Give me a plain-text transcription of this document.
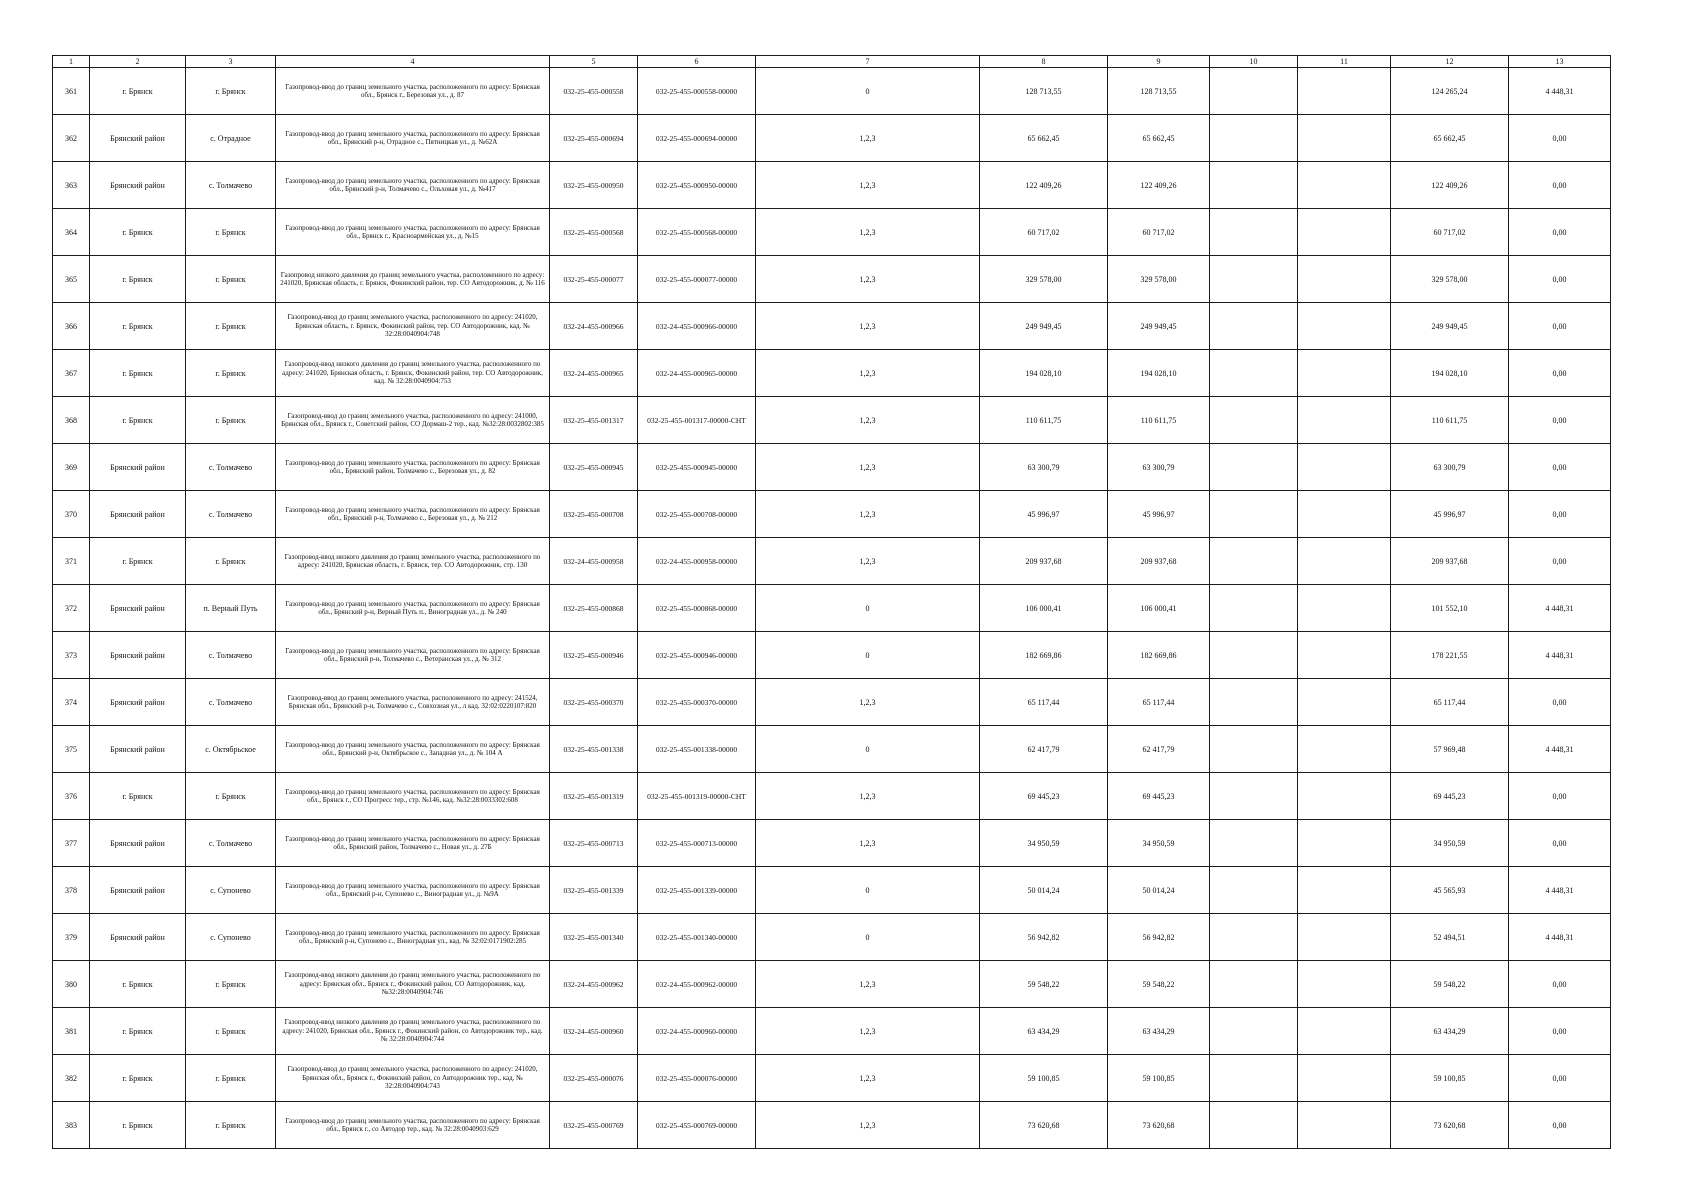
1	2	3	4	5	6	7	8	9	10	11	12	13
361	г. Брянск	г. Брянск	Газопровод-ввод до границ земельного участка, расположенного по адресу: Брянская обл., Брянск г., Березовая ул., д. 87	032-25-455-000558	032-25-455-000558-00000	0	128 713,55	128 713,55			124 265,24	4 448,31
362	Брянский район	с. Отрадное	Газопровод-ввод до границ земельного участка, расположенного по адресу: Брянская обл., Брянский р-н, Отрадное с., Пятницкая ул., д. №62А	032-25-455-000694	032-25-455-000694-00000	1,2,3	65 662,45	65 662,45			65 662,45	0,00
363	Брянский район	с. Толмачево	Газопровод-ввод до границ земельного участка, расположенного по адресу: Брянская обл., Брянский р-н, Толмачево с., Ольховая ул., д. №417	032-25-455-000950	032-25-455-000950-00000	1,2,3	122 409,26	122 409,26			122 409,26	0,00
364	г. Брянск	г. Брянск	Газопровод-ввод до границ земельного участка, расположенного по адресу: Брянская обл., Брянск г., Красноармейская ул., д. №15	032-25-455-000568	032-25-455-000568-00000	1,2,3	60 717,02	60 717,02			60 717,02	0,00
365	г. Брянск	г. Брянск	Газопровод низкого давления до границ земельного участка, расположенного по адресу: 241020, Брянская область, г. Брянск, Фокинский район, тер. СО Автодорожник, д. № 116	032-25-455-000077	032-25-455-000077-00000	1,2,3	329 578,00	329 578,00			329 578,00	0,00
366	г. Брянск	г. Брянск	Газопровод-ввод до границ земельного участка, расположенного по адресу: 241020, Брянская область, г. Брянск, Фокинский район, тер. СО Автодорожник, кад. № 32:28:0040904:748	032-24-455-000966	032-24-455-000966-00000	1,2,3	249 949,45	249 949,45			249 949,45	0,00
367	г. Брянск	г. Брянск	Газопровод-ввод низкого давления до границ земельного участка, расположенного по адресу: 241020, Брянская область, г. Брянск, Фокинский район, тер. СО Автодорожник, кад. № 32:28:0040904:753	032-24-455-000965	032-24-455-000965-00000	1,2,3	194 028,10	194 028,10			194 028,10	0,00
368	г. Брянск	г. Брянск	Газопровод-ввод до границ земельного участка, расположенного по адресу: 241000, Брянская обл., Брянск г., Советский район, СО Дормаш-2 тер., кад. №32:28:0032802:385	032-25-455-001317	032-25-455-001317-00000-СНТ	1,2,3	110 611,75	110 611,75			110 611,75	0,00
369	Брянский район	с. Толмачево	Газопровод-ввод до границ земельного участка, расположенного по адресу: Брянская обл., Брянский район, Толмачево с., Березовая ул., д. 82	032-25-455-000945	032-25-455-000945-00000	1,2,3	63 300,79	63 300,79			63 300,79	0,00
370	Брянский район	с. Толмачево	Газопровод-ввод до границ земельного участка, расположенного по адресу: Брянская обл., Брянский р-н, Толмачево с., Березовая ул., д. № 212	032-25-455-000708	032-25-455-000708-00000	1,2,3	45 996,97	45 996,97			45 996,97	0,00
371	г. Брянск	г. Брянск	Газопровод-ввод низкого давления до границ земельного участка, расположенного по адресу: 241020, Брянская область, г. Брянск, тер. СО Автодорожник, стр. 130	032-24-455-000958	032-24-455-000958-00000	1,2,3	209 937,68	209 937,68			209 937,68	0,00
372	Брянский район	п. Верный Путь	Газопровод-ввод до границ земельного участка, расположенного по адресу: Брянская обл., Брянский р-н, Верный Путь п., Виноградная ул., д. № 240	032-25-455-000868	032-25-455-000868-00000	0	106 000,41	106 000,41			101 552,10	4 448,31
373	Брянский район	с. Толмачево	Газопровод-ввод до границ земельного участка, расположенного по адресу: Брянская обл., Брянский р-н, Толмачево с., Ветеранская ул., д. № 312	032-25-455-000946	032-25-455-000946-00000	0	182 669,86	182 669,86			178 221,55	4 448,31
374	Брянский район	с. Толмачево	Газопровод-ввод до границ земельного участка, расположенного по адресу: 241524, Брянская обл., Брянский р-н, Толмачево с., Совхозная ул., л кад. 32:02:0220107:820	032-25-455-000370	032-25-455-000370-00000	1,2,3	65 117,44	65 117,44			65 117,44	0,00
375	Брянский район	с. Октябрьское	Газопровод-ввод до границ земельного участка, расположенного по адресу: Брянская обл., Брянский р-н, Октябрьское с., Западная ул., д. № 104 А	032-25-455-001338	032-25-455-001338-00000	0	62 417,79	62 417,79			57 969,48	4 448,31
376	г. Брянск	г. Брянск	Газопровод-ввод до границ земельного участка, расположенного по адресу: Брянская обл., Брянск г., СО Прогресс тер., стр. №146, кад. №32:28:0033302:608	032-25-455-001319	032-25-455-001319-00000-СНТ	1,2,3	69 445,23	69 445,23			69 445,23	0,00
377	Брянский район	с. Толмачево	Газопровод-ввод до границ земельного участка, расположенного по адресу: Брянская обл., Брянский район, Толмачево с., Новая ул., д. 27Б	032-25-455-000713	032-25-455-000713-00000	1,2,3	34 950,59	34 950,59			34 950,59	0,00
378	Брянский район	с. Супонево	Газопровод-ввод до границ земельного участка, расположенного по адресу: Брянская обл., Брянский р-н, Супонево с., Виноградная ул., д. №9А	032-25-455-001339	032-25-455-001339-00000	0	50 014,24	50 014,24			45 565,93	4 448,31
379	Брянский район	с. Супонево	Газопровод-ввод до границ земельного участка, расположенного по адресу: Брянская обл., Брянский р-н, Супонево с., Виноградная ул., кад. № 32:02:0171902:285	032-25-455-001340	032-25-455-001340-00000	0	56 942,82	56 942,82			52 494,51	4 448,31
380	г. Брянск	г. Брянск	Газопровод-ввод низкого давления до границ земельного участка, расположенного по адресу: Брянская обл., Брянск г., Фокинский район, СО Автодорожник, кад. №32:28:0040904:746	032-24-455-000962	032-24-455-000962-00000	1,2,3	59 548,22	59 548,22			59 548,22	0,00
381	г. Брянск	г. Брянск	Газопровод-ввод низкого давления до границ земельного участка, расположенного по адресу: 241020, Брянская обл., Брянск г., Фокинский район, со Автодорожник тер., кад. № 32:28:0040904:744	032-24-455-000960	032-24-455-000960-00000	1,2,3	63 434,29	63 434,29			63 434,29	0,00
382	г. Брянск	г. Брянск	Газопровод-ввод до границ земельного участка, расположенного по адресу: 241020, Брянская обл., Брянск г., Фокинский район, со Автодорожник тер., кад. № 32:28:0040904:743	032-25-455-000076	032-25-455-000076-00000	1,2,3	59 100,85	59 100,85			59 100,85	0,00
383	г. Брянск	г. Брянск	Газопровод-ввод до границ земельного участка, расположенного по адресу: Брянская обл., Брянск г., со Автодор тер., кад. № 32:28:0040903:629	032-25-455-000769	032-25-455-000769-00000	1,2,3	73 620,68	73 620,68			73 620,68	0,00
